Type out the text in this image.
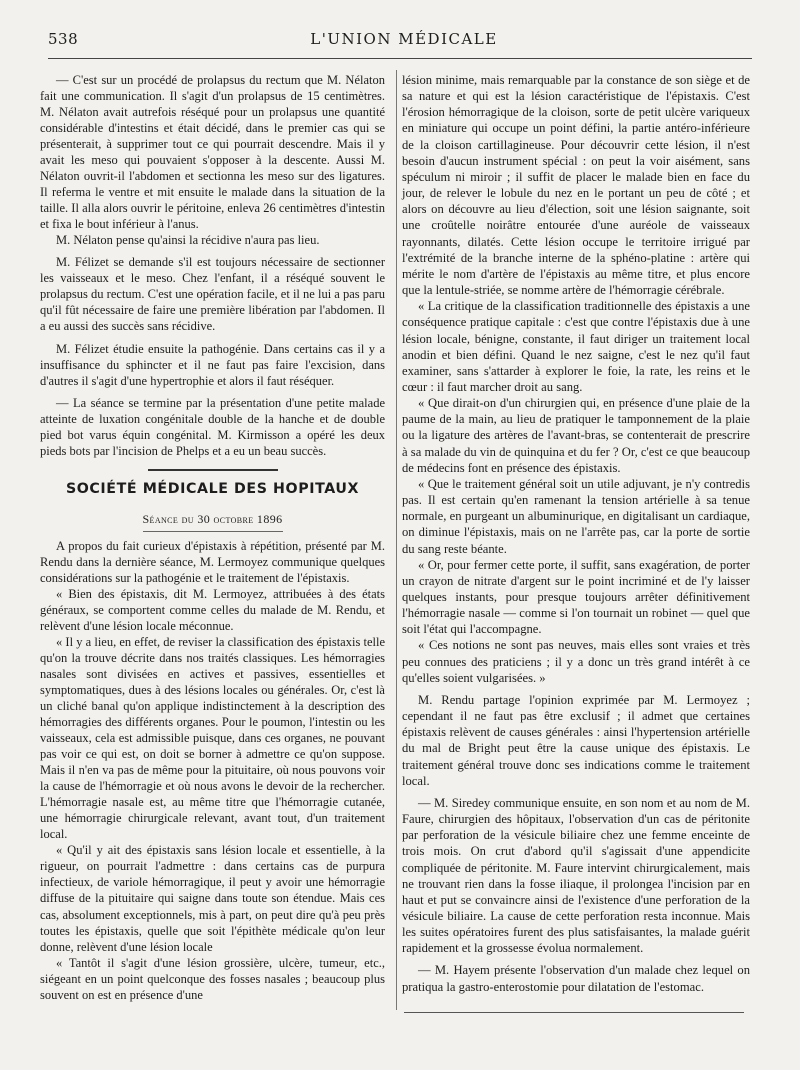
538	L'UNION MÉDICALE

— C'est sur un procédé de prolapsus du rectum que M. Nélaton fait une communication. Il s'agit d'un prolapsus de 15 centimètres. M. Nélaton avait autrefois réséqué pour un prolapsus une quantité considérable d'intestins et était décidé, dans le premier cas qui se présenterait, à supprimer tout ce qui pourrait descendre. Mais il y avait les meso qui pouvaient s'opposer à la descente. Aussi M. Nélaton ouvrit-il l'abdomen et sectionna les meso sur des ligatures. Il referma le ventre et mit ensuite le malade dans la situation de la taille. Il alla alors ouvrir le péritoine, enleva 26 centimètres d'intestin et fixa le bout inférieur à l'anus.

M. Nélaton pense qu'ainsi la récidive n'aura pas lieu.

M. Félizet se demande s'il est toujours nécessaire de sectionner les vaisseaux et le meso. Chez l'enfant, il a réséqué souvent le prolapsus du rectum. C'est une opération facile, et il ne lui a pas paru qu'il fût nécessaire de faire une première libération par l'abdomen. Il a eu aussi des succès sans récidive.

M. Félizet étudie ensuite la pathogénie. Dans certains cas il y a insuffisance du sphincter et il ne faut pas faire l'excision, dans d'autres il s'agit d'une hypertrophie et alors il faut réséquer.

— La séance se termine par la présentation d'une petite malade atteinte de luxation congénitale double de la hanche et de double pied bot varus équin congénital. M. Kirmisson a opéré les deux pieds bots par l'incision de Phelps et a eu un beau succès.

SOCIÉTÉ MÉDICALE DES HOPITAUX
Séance du 30 octobre 1896

A propos du fait curieux d'épistaxis à répétition, présenté par M. Rendu dans la dernière séance, M. Lermoyez communique quelques considérations sur la pathogénie et le traitement de l'épistaxis.

« Bien des épistaxis, dit M. Lermoyez, attribuées à des états généraux, se comportent comme celles du malade de M. Rendu, et relèvent d'une lésion locale méconnue.

« Il y a lieu, en effet, de reviser la classification des épistaxis telle qu'on la trouve décrite dans nos traités classiques. Les hémorragies nasales sont divisées en actives et passives, essentielles et symptomatiques, dues à des lésions locales ou générales. Or, c'est là un cliché banal qu'on applique indistinctement à la description des hémorragies des différents organes. Pour le poumon, l'intestin ou les vaisseaux, cela est admissible puisque, dans ces organes, ne pouvant pas voir ce qui est, on doit se borner à admettre ce qu'on suppose. Mais il n'en va pas de même pour la pituitaire, où nous pouvons voir la cause de l'hémorragie et où nous avons le devoir de la rechercher. L'hémorragie nasale est, au même titre que l'hémorragie cutanée, une hémorragie chirurgicale relevant, avant tout, d'un traitement local.

« Qu'il y ait des épistaxis sans lésion locale et essentielle, à la rigueur, on pourrait l'admettre : dans certains cas de purpura infectieux, de variole hémorragique, il peut y avoir une hémorragie diffuse de la pituitaire qui saigne dans toute son étendue. Mais ces cas, absolument exceptionnels, mis à part, on peut dire qu'à peu près toutes les épistaxis, quelle que soit l'épithète médicale qu'on leur donne, relèvent d'une lésion locale

« Tantôt il s'agit d'une lésion grossière, ulcère, tumeur, etc., siégeant en un point quelconque des fosses nasales ; beaucoup plus souvent on est en présence d'une

lésion minime, mais remarquable par la constance de son siège et de sa nature et qui est la lésion caractéristique de l'épistaxis. C'est l'érosion hémorragique de la cloison, sorte de petit ulcère variqueux en miniature qui occupe un point défini, la partie antéro-inférieure de la cloison cartillagineuse. Pour découvrir cette lésion, il n'est besoin d'aucun instrument spécial : on peut la voir aisément, sans spéculum ni miroir ; il suffit de placer le malade bien en face du jour, de relever le lobule du nez en le portant un peu de côté ; et alors on découvre au lieu d'élection, soit une lésion saignante, soit une croûtelle noirâtre entourée d'une auréole de vaisseaux rayonnants, dilatés. Cette lésion occupe le territoire irrigué par l'extrémité de la branche interne de la sphéno-platine : artère qui mérite le nom d'artère de l'épistaxis au même titre, et plus encore que la lentule-striée, se nomme artère de l'hémorragie cérébrale.

« La critique de la classification traditionnelle des épistaxis a une conséquence pratique capitale : c'est que contre l'épistaxis due à une lésion locale, bénigne, constante, il faut diriger un traitement local anodin et bien défini. Quand le nez saigne, c'est le nez qu'il faut examiner, sans s'attarder à explorer le foie, la rate, les reins et le cœur : il faut marcher droit au sang.

« Que dirait-on d'un chirurgien qui, en présence d'une plaie de la paume de la main, au lieu de pratiquer le tamponnement de la plaie ou la ligature des artères de l'avant-bras, se contenterait de prescrire à sa malade du vin de quinquina et du fer ? Or, c'est ce que beaucoup de médecins font en présence des épistaxis.

« Que le traitement général soit un utile adjuvant, je n'y contredis pas. Il est certain qu'en ramenant la tension artérielle à sa tenue normale, en purgeant un albuminurique, en digitalisant un cardiaque, on diminue l'épistaxis, mais on ne l'arrête pas, car la porte de sortie du sang reste béante.

« Or, pour fermer cette porte, il suffit, sans exagération, de porter un crayon de nitrate d'argent sur le point incriminé et de l'y laisser quelques instants, pour presque toujours arrêter définitivement l'hémorragie nasale — comme si l'on tournait un robinet — quel que soit l'état qui l'accompagne.

« Ces notions ne sont pas neuves, mais elles sont vraies et très peu connues des praticiens ; il y a donc un très grand intérêt à ce qu'elles soient vulgarisées. »

M. Rendu partage l'opinion exprimée par M. Lermoyez ; cependant il ne faut pas être exclusif ; il admet que certaines épistaxis relèvent de causes générales : ainsi l'hypertension artérielle du mal de Bright peut être la cause unique des épistaxis. Le traitement général trouve donc ses indications comme le traitement local.

— M. Siredey communique ensuite, en son nom et au nom de M. Faure, chirurgien des hôpitaux, l'observation d'un cas de péritonite par perforation de la vésicule biliaire chez une femme enceinte de trois mois. On crut d'abord qu'il s'agissait d'une appendicite compliquée de péritonite. M. Faure intervint chirurgicalement, mais ne trouvant rien dans la fosse iliaque, il prolongea l'incision par en haut et put se convaincre ainsi de l'existence d'une perforation de la vésicule biliaire. La cause de cette perforation resta inconnue. Mais les suites opératoires furent des plus satisfaisantes, la malade guérit rapidement et la grossesse évolua normalement.

— M. Hayem présente l'observation d'un malade chez lequel on pratiqua la gastro-enterostomie pour dilatation de l'estomac.
